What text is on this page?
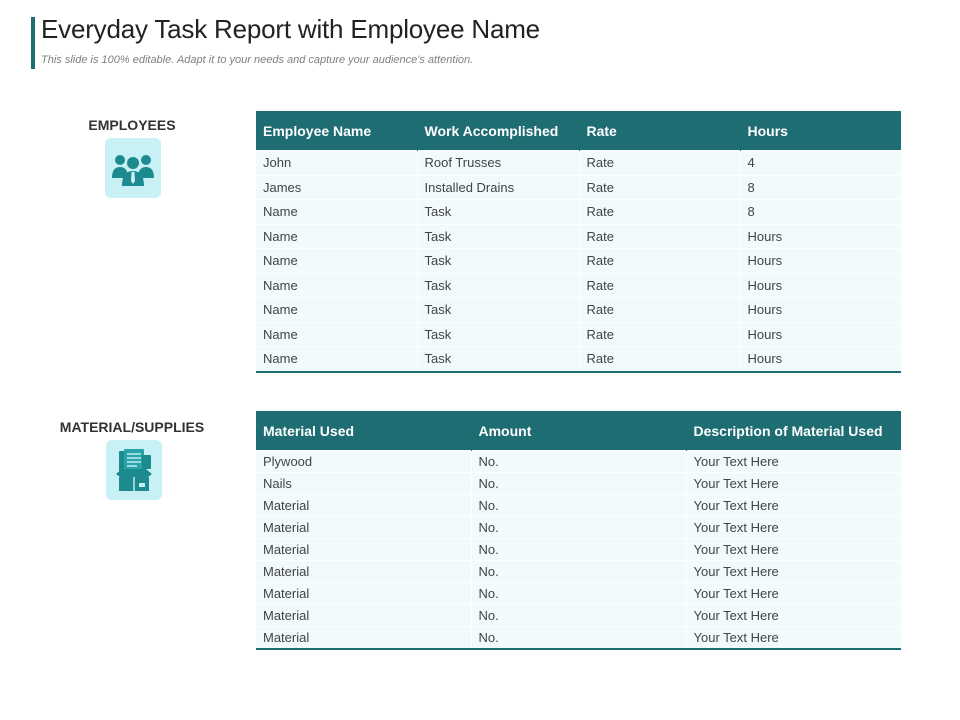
Everyday Task Report with Employee Name
This slide is 100% editable. Adapt it to your needs and capture your audience's attention.
EMPLOYEES	Employee Name	Work Accomplished	Rate	Hours
John	Roof Trusses	Rate	4
James	Installed Drains	Rate	8
Name	Task	Rate	8
Name	Task	Rate	Hours
Name	Task	Rate	Hours
Name	Task	Rate	Hours
Name	Task	Rate	Hours
Name	Task	Rate	Hours
Name	Task	Rate	Hours
MATERIAL/SUPPLIES	Material Used	Amount	Description of Material Used
Plywood	No.	Your Text Here
Nails	No.	Your Text Here
Material	No.	Your Text Here
Material	No.	Your Text Here
Material	No.	Your Text Here
Material	No.	Your Text Here
Material	No.	Your Text Here
Material	No.	Your Text Here
Material	No.	Your Text Here
